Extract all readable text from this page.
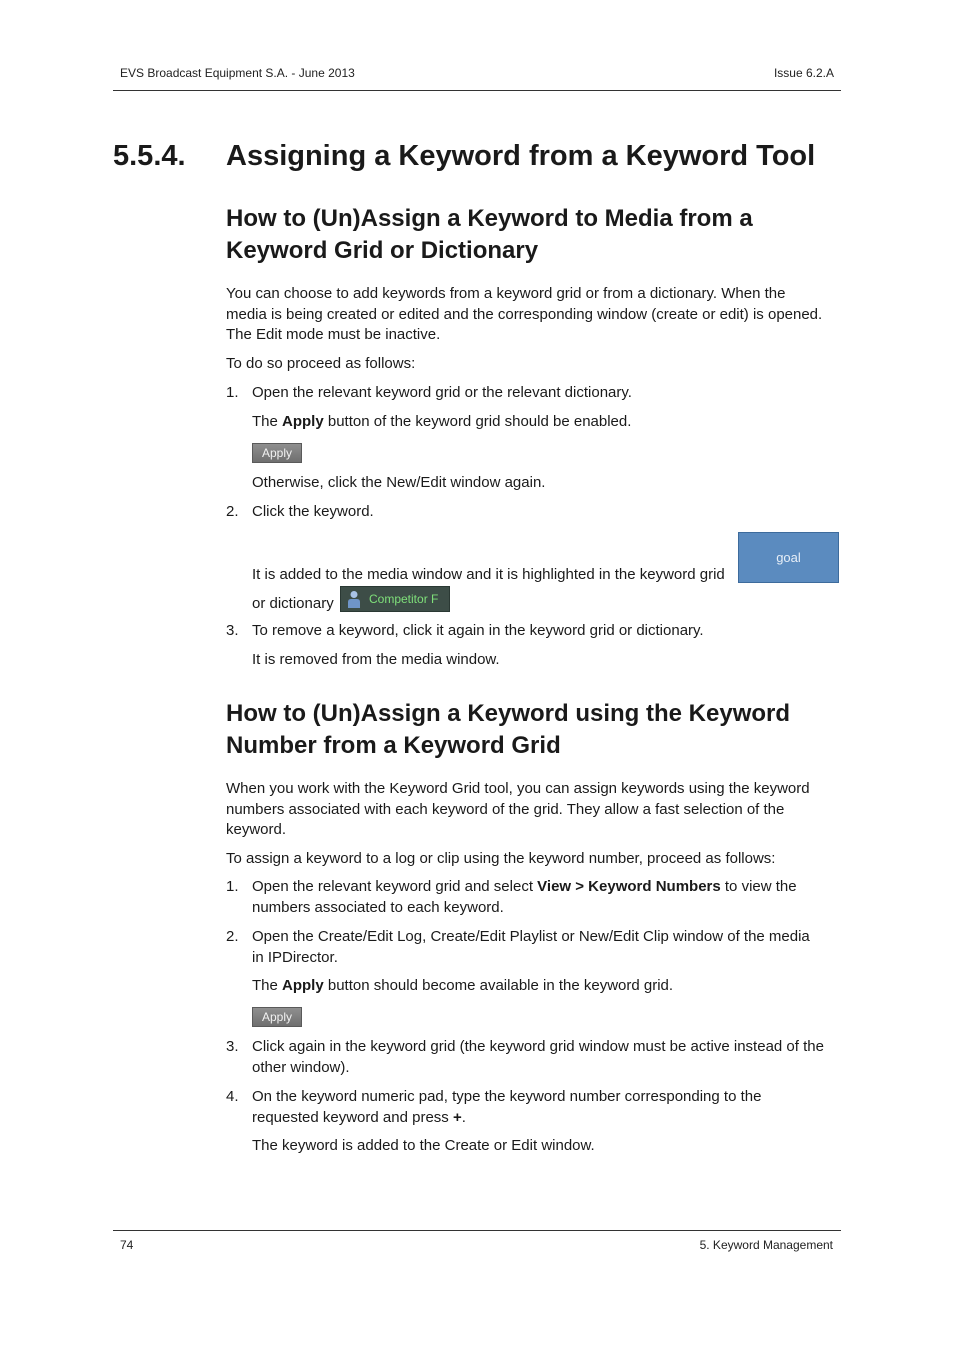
EVS Broadcast Equipment S.A. - June 2013	Issue 6.2.A
5.5.4. Assigning a Keyword from a Keyword Tool
How to (Un)Assign a Keyword to Media from a
Keyword Grid or Dictionary
You can choose to add keywords from a keyword grid or from a dictionary. When the
media is being created or edited and the corresponding window (create or edit) is opened.
The Edit mode must be inactive.
To do so proceed as follows:
1. Open the relevant keyword grid or the relevant dictionary.
The Apply button of the keyword grid should be enabled.
Apply
Otherwise, click the New/Edit window again.
2. Click the keyword.
It is added to the media window and it is highlighted in the keyword grid
goal
or dictionary	Competitor F
3. To remove a keyword, click it again in the keyword grid or dictionary.
It is removed from the media window.
How to (Un)Assign a Keyword using the Keyword
Number from a Keyword Grid
When you work with the Keyword Grid tool, you can assign keywords using the keyword
numbers associated with each keyword of the grid. They allow a fast selection of the
keyword.
To assign a keyword to a log or clip using the keyword number, proceed as follows:
1. Open the relevant keyword grid and select View > Keyword Numbers to view the
numbers associated to each keyword.
2. Open the Create/Edit Log, Create/Edit Playlist or New/Edit Clip window of the media
in IPDirector.
The Apply button should become available in the keyword grid.
Apply
3. Click again in the keyword grid (the keyword grid window must be active instead of the
other window).
4. On the keyword numeric pad, type the keyword number corresponding to the
requested keyword and press +.
The keyword is added to the Create or Edit window.
74	5. Keyword Management
